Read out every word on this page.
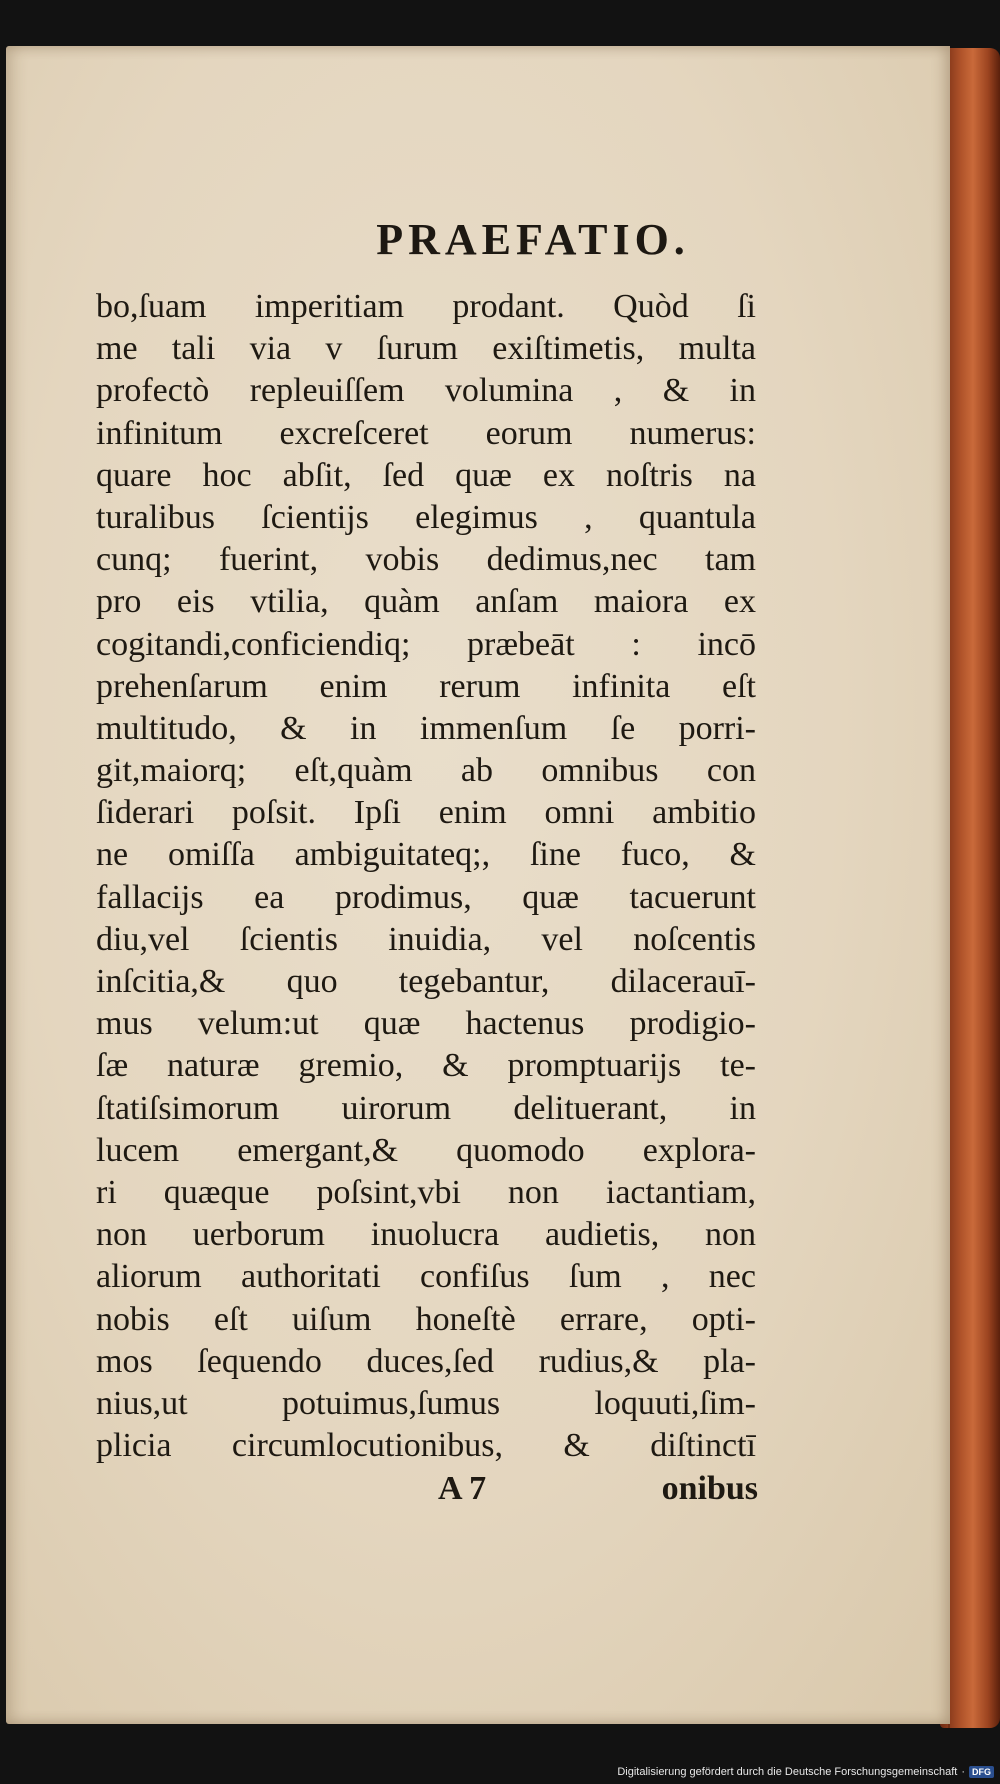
PRAEFATIO.
bo,ſuam imperitiam prodant. Quòd ſi
me tali via v ſurum exiſtimetis, multa
profectò repleuiſſem volumina , & in
infinitum excreſceret eorum numerus:
quare hoc abſit, ſed quæ ex noſtris na
turalibus ſcientijs elegimus , quantula
cunq; fuerint, vobis dedimus,nec tam
pro eis vtilia, quàm anſam maiora ex
cogitandi,conficiendiq; præbeāt : incō
prehenſarum enim rerum infinita eſt
multitudo, & in immenſum ſe porri-
git,maiorq; eſt,quàm ab omnibus con
ſiderari poſsit. Ipſi enim omni ambitio
ne omiſſa ambiguitateq;, ſine fuco, &
fallacijs ea prodimus, quæ tacuerunt
diu,vel ſcientis inuidia, vel noſcentis
inſcitia,& quo tegebantur, dilacerauī-
mus velum:ut quæ hactenus prodigio-
ſæ naturæ gremio, & promptuarijs te-
ſtatiſsimorum uirorum delituerant, in
lucem emergant,& quomodo explora-
ri quæque poſsint,vbi non iactantiam,
non uerborum inuolucra audietis, non
aliorum authoritati confiſus ſum , nec
nobis eſt uiſum honeſtè errare, opti-
mos ſequendo duces,ſed rudius,& pla-
nius,ut potuimus,ſumus loquuti,ſim-
plicia circumlocutionibus, & diſtinctī
A 7	onibus
Digitalisierung gefördert durch die Deutsche Forschungsgemeinschaft · DFG
